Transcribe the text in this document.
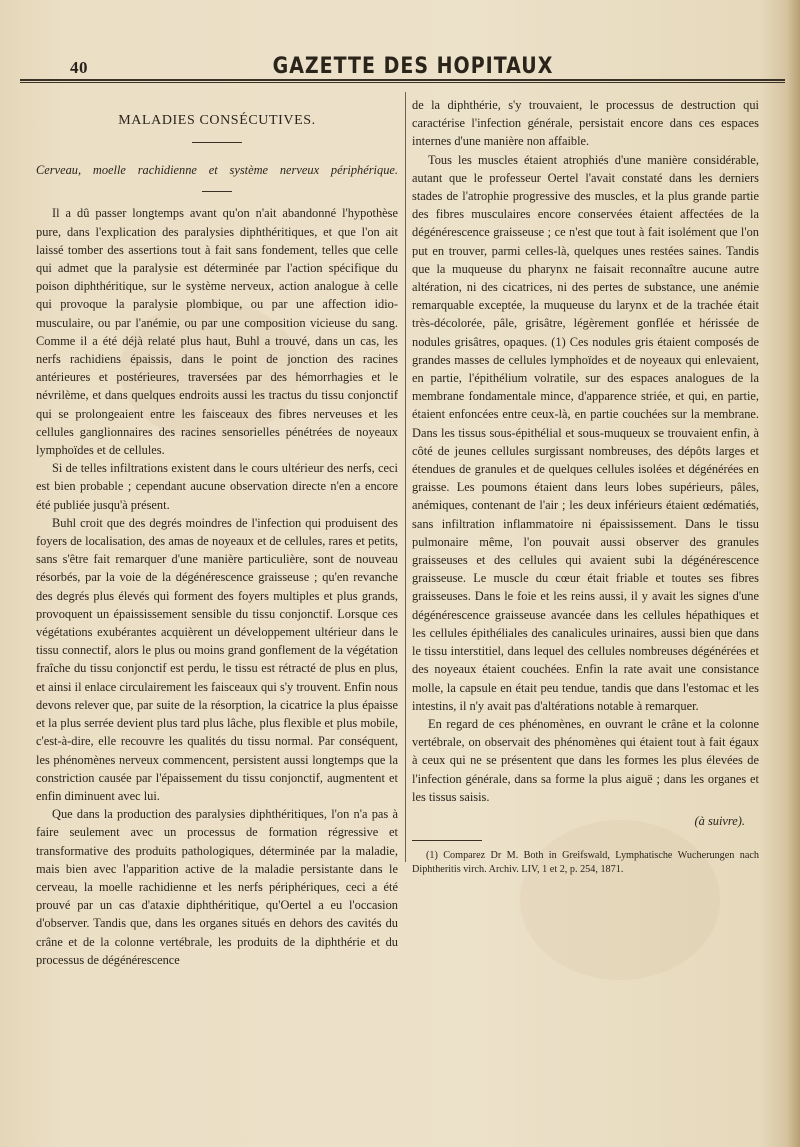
40	GAZETTE DES HOPITAUX
MALADIES CONSÉCUTIVES.
Cerveau, moelle rachidienne et système nerveux périphérique.

Il a dû passer longtemps avant qu'on n'ait abandonné l'hypothèse pure, dans l'explication des paralysies diphthéritiques, et que l'on ait laissé tomber des assertions tout à fait sans fondement, telles que celle qui admet que la paralysie est déterminée par l'action spécifique du poison diphthéritique, sur le système nerveux, action analogue à celle qui provoque la paralysie plombique, ou par une affection idio-musculaire, ou par l'anémie, ou par une composition vicieuse du sang. Comme il a été déjà relaté plus haut, Buhl a trouvé, dans un cas, les nerfs rachidiens épaissis, dans le point de jonction des racines antérieures et postérieures, traversées par des hémorrhagies et le névrilème, et dans quelques endroits aussi les tractus du tissu conjonctif qui se prolongeaient entre les faisceaux des fibres nerveuses et les cellules ganglionnaires des racines sensorielles pénétrées de noyeaux lymphoïdes et de cellules.

Si de telles infiltrations existent dans le cours ultérieur des nerfs, ceci est bien probable ; cependant aucune observation directe n'en a encore été publiée jusqu'à présent.

Buhl croit que des degrés moindres de l'infection qui produisent des foyers de localisation, des amas de noyeaux et de cellules, rares et petits, sans s'être fait remarquer d'une manière particulière, sont de nouveau résorbés, par la voie de la dégénérescence graisseuse ; qu'en revanche des degrés plus élevés qui forment des foyers multiples et plus grands, provoquent un épaississement sensible du tissu conjonctif. Lorsque ces végétations exubérantes acquièrent un développement ultérieur dans le tissu connectif, alors le plus ou moins grand gonflement de la végétation fraîche du tissu conjonctif est perdu, le tissu est rétracté de plus en plus, et ainsi il enlace circulairement les faisceaux qui s'y trouvent. Enfin nous devons relever que, par suite de la résorption, la cicatrice la plus épaisse et la plus serrée devient plus tard plus lâche, plus flexible et plus mobile, c'est-à-dire, elle recouvre les qualités du tissu normal. Par conséquent, les phénomènes nerveux commencent, persistent aussi longtemps que la constriction causée par l'épaissement du tissu conjonctif, augmentent et enfin diminuent avec lui.

Que dans la production des paralysies diphthéritiques, l'on n'a pas à faire seulement avec un processus de formation régressive et transformative des produits pathologiques, déterminée par la maladie, mais bien avec l'apparition active de la maladie persistante dans le cerveau, la moelle rachidienne et les nerfs périphériques, ceci a été prouvé par un cas d'ataxie diphthéritique, qu'Oertel a eu l'occasion d'observer. Tandis que, dans les organes situés en dehors des cavités du crâne et de la colonne vertébrale, les produits de la diphthérie et du processus de dégénérescence

de la diphthérie, s'y trouvaient, le processus de destruction qui caractérise l'infection générale, persistait encore dans ces espaces internes d'une manière non affaible.

Tous les muscles étaient atrophiés d'une manière considérable, autant que le professeur Oertel l'avait constaté dans les derniers stades de l'atrophie progressive des muscles, et la plus grande partie des fibres musculaires encore conservées étaient affectées de la dégénérescence graisseuse ; ce n'est que tout à fait isolément que l'on put en trouver, parmi celles-là, quelques unes restées saines. Tandis que la muqueuse du pharynx ne faisait reconnaître aucune autre altération, ni des cicatrices, ni des pertes de substance, une anémie remarquable exceptée, la muqueuse du larynx et de la trachée était très-décolorée, pâle, grisâtre, légèrement gonflée et hérissée de nodules grisâtres, opaques. (1) Ces nodules gris étaient composés de grandes masses de cellules lymphoïdes et de noyeaux qui enlevaient, en partie, l'épithélium volratile, sur des espaces analogues de la membrane fondamentale mince, d'apparence striée, et qui, en partie, étaient enfoncées entre ceux-là, en partie couchées sur la membrane. Dans les tissus sous-épithélial et sous-muqueux se trouvaient enfin, à côté de jeunes cellules surgissant nombreuses, des dépôts larges et étendues de granules et de quelques cellules isolées et dégénérées en graisse. Les poumons étaient dans leurs lobes supérieurs, pâles, anémiques, contenant de l'air ; les deux inférieurs étaient œdématiés, sans infiltration inflammatoire ni épaississement. Dans le tissu pulmonaire même, l'on pouvait aussi observer des granules graisseuses et des cellules qui avaient subi la dégénérescence graisseuse. Le muscle du cœur était friable et toutes ses fibres graisseuses. Dans le foie et les reins aussi, il y avait les signes d'une dégénérescence graisseuse avancée dans les cellules hépathiques et les cellules épithéliales des canalicules urinaires, aussi bien que dans le tissu interstitiel, dans lequel des cellules nombreuses dégénérées et des noyeaux étaient couchées. Enfin la rate avait une consistance molle, la capsule en était peu tendue, tandis que dans l'estomac et les intestins, il n'y avait pas d'altérations notable à remarquer.

En regard de ces phénomènes, en ouvrant le crâne et la colonne vertébrale, on observait des phénomènes qui étaient tout à fait égaux à ceux qui ne se présentent que dans les formes les plus élevées de l'infection générale, dans sa forme la plus aiguë ; dans les organes et les tissus saisis.

(à suivre).
(1) Comparez Dr M. Both in Greifswald, Lymphatische Wucherungen nach Diphtheritis virch. Archiv. LIV, 1 et 2, p. 254, 1871.
